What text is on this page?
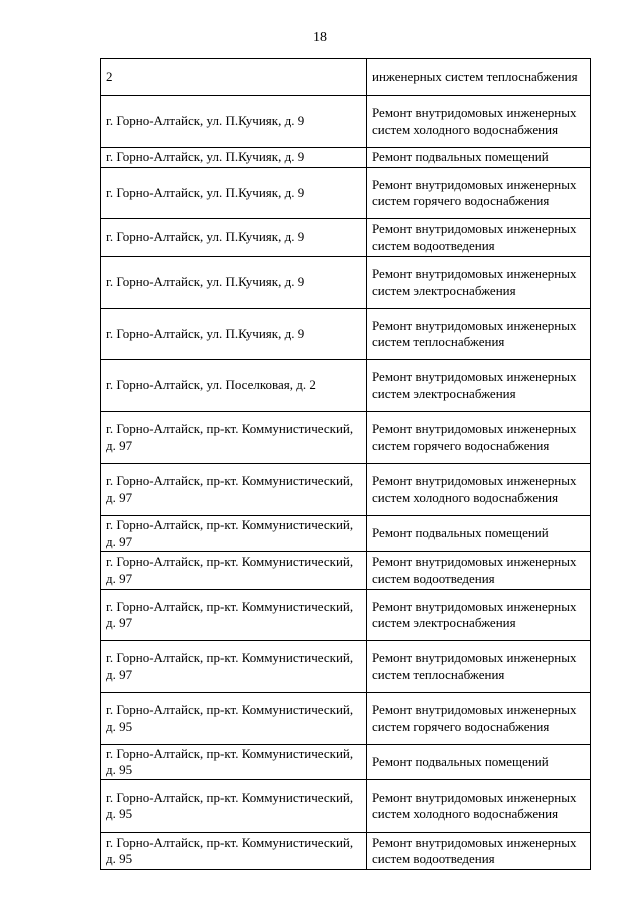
18
2	инженерных систем теплоснабжения
г. Горно-Алтайск, ул. П.Кучияк, д. 9	Ремонт внутридомовых инженерных систем холодного водоснабжения
г. Горно-Алтайск, ул. П.Кучияк, д. 9	Ремонт подвальных помещений
г. Горно-Алтайск, ул. П.Кучияк, д. 9	Ремонт внутридомовых инженерных систем горячего водоснабжения
г. Горно-Алтайск, ул. П.Кучияк, д. 9	Ремонт внутридомовых инженерных систем водоотведения
г. Горно-Алтайск, ул. П.Кучияк, д. 9	Ремонт внутридомовых инженерных систем электроснабжения
г. Горно-Алтайск, ул. П.Кучияк, д. 9	Ремонт внутридомовых инженерных систем теплоснабжения
г. Горно-Алтайск, ул. Поселковая, д. 2	Ремонт внутридомовых инженерных систем электроснабжения
г. Горно-Алтайск, пр-кт. Коммунистический, д. 97	Ремонт внутридомовых инженерных систем горячего водоснабжения
г. Горно-Алтайск, пр-кт. Коммунистический, д. 97	Ремонт внутридомовых инженерных систем холодного водоснабжения
г. Горно-Алтайск, пр-кт. Коммунистический, д. 97	Ремонт подвальных помещений
г. Горно-Алтайск, пр-кт. Коммунистический, д. 97	Ремонт внутридомовых инженерных систем водоотведения
г. Горно-Алтайск, пр-кт. Коммунистический, д. 97	Ремонт внутридомовых инженерных систем электроснабжения
г. Горно-Алтайск, пр-кт. Коммунистический, д. 97	Ремонт внутридомовых инженерных систем теплоснабжения
г. Горно-Алтайск, пр-кт. Коммунистический, д. 95	Ремонт внутридомовых инженерных систем горячего водоснабжения
г. Горно-Алтайск, пр-кт. Коммунистический, д. 95	Ремонт подвальных помещений
г. Горно-Алтайск, пр-кт. Коммунистический, д. 95	Ремонт внутридомовых инженерных систем холодного водоснабжения
г. Горно-Алтайск, пр-кт. Коммунистический, д. 95	Ремонт внутридомовых инженерных систем водоотведения
